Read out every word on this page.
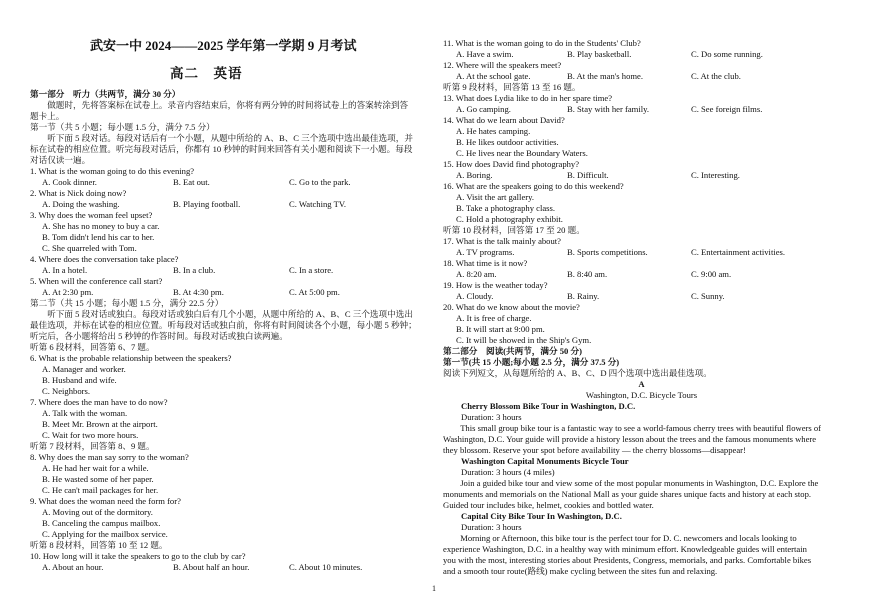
武安一中 2024——2025 学年第一学期 9 月考试
高二　英语
第一部分　听力（共两节，满分 30 分）
　　做题时，先将答案标在试卷上。录音内容结束后，你将有两分钟的时间将试卷上的答案转涂到答
题卡上。
第一节（共 5 小题；每小题 1.5 分，满分 7.5 分）
　　听下面 5 段对话。每段对话后有一个小题，从题中所给的 A、B、C 三个选项中选出最佳选项，并
标在试卷的相应位置。听完每段对话后，你都有 10 秒钟的时间来回答有关小题和阅读下一小题。每段
对话仅读一遍。
1. What is the woman going to do this evening?
A. Cook dinner.	B. Eat out.	C. Go to the park.
2. What is Nick doing now?
A. Doing the washing.	B. Playing football.	C. Watching TV.
3. Why does the woman feel upset?
A. She has no money to buy a car.
B. Tom didn't lend his car to her.
C. She quarreled with Tom.
4. Where does the conversation take place?
A. In a hotel.	B. In a club.	C. In a store.
5. When will the conference call start?
A. At 2:30 pm.	B. At 4:30 pm.	C. At 5:00 pm.
第二节（共 15 小题；每小题 1.5 分，满分 22.5 分）
　　听下面 5 段对话或独白。每段对话或独白后有几个小题，从题中所给的 A、B、C 三个选项中选出
最佳选项，并标在试卷的相应位置。听每段对话或独白前，你将有时间阅读各个小题，每小题 5 秒钟；
听完后，各小题将给出 5 秒钟的作答时间。每段对话或独白读两遍。
听第 6 段材料，回答第 6、7 题。
6. What is the probable relationship between the speakers?
A. Manager and worker.
B. Husband and wife.
C. Neighbors.
7. Where does the man have to do now?
A. Talk with the woman.
B. Meet Mr. Brown at the airport.
C. Wait for two more hours.
听第 7 段材料，回答第 8、9 题。
8. Why does the man say sorry to the woman?
A. He had her wait for a while.
B. He wasted some of her paper.
C. He can't mail packages for her.
9. What does the woman need the form for?
A. Moving out of the dormitory.
B. Canceling the campus mailbox.
C. Applying for the mailbox service.
听第 8 段材料，回答第 10 至 12 题。
10. How long will it take the speakers to go to the club by car?
A. About an hour.	B. About half an hour.	C. About 10 minutes.
11. What is the woman going to do in the Students' Club?
A. Have a swim.	B. Play basketball.	C. Do some running.
12. Where will the speakers meet?
A. At the school gate.	B. At the man's home.	C. At the club.
听第 9 段材料，回答第 13 至 16 题。
13. What does Lydia like to do in her spare time?
A. Go camping.	B. Stay with her family.	C. See foreign films.
14. What do we learn about David?
A. He hates camping.
B. He likes outdoor activities.
C. He lives near the Boundary Waters.
15. How does David find photography?
A. Boring.	B. Difficult.	C. Interesting.
16. What are the speakers going to do this weekend?
A. Visit the art gallery.
B. Take a photography class.
C. Hold a photography exhibit.
听第 10 段材料，回答第 17 至 20 题。
17. What is the talk mainly about?
A. TV programs.	B. Sports competitions.	C. Entertainment activities.
18. What time is it now?
A. 8:20 am.	B. 8:40 am.	C. 9:00 am.
19. How is the weather today?
A. Cloudy.	B. Rainy.	C. Sunny.
20. What do we know about the movie?
A. It is free of charge.
B. It will start at 9:00 pm.
C. It will be showed in the Ship's Gym.
第二部分　阅读(共两节，满分 50 分)
第一节(共 15 小题;每小题 2.5 分，满分 37.5 分)
阅读下列短文，从每题所给的 A、B、C、D 四个选项中选出最佳选项。
A
Washington, D.C. Bicycle Tours
Cherry Blossom Bike Tour in Washington, D.C.
Duration: 3 hours
　　This small group bike tour is a fantastic way to see a world-famous cherry trees with beautiful flowers of
Washington, D.C. Your guide will provide a history lesson about the trees and the famous monuments where
they blossom. Reserve your spot before availability — the cherry blossoms—disappear!
Washington Capital Monuments Bicycle Tour
Duration: 3 hours (4 miles)
　　Join a guided bike tour and view some of the most popular monuments in Washington, D.C. Explore the
monuments and memorials on the National Mall as your guide shares unique facts and history at each stop.
Guided tour includes bike, helmet, cookies and bottled water.
Capital City Bike Tour In Washington, D.C.
Duration: 3 hours
　　Morning or Afternoon, this bike tour is the perfect tour for D. C. newcomers and locals looking to
experience Washington, D.C. in a healthy way with minimum effort. Knowledgeable guides will entertain
you with the most, interesting stories about Presidents, Congress, memorials, and parks. Comfortable bikes
and a smooth tour route(路线) make cycling between the sites fun and relaxing.
1
